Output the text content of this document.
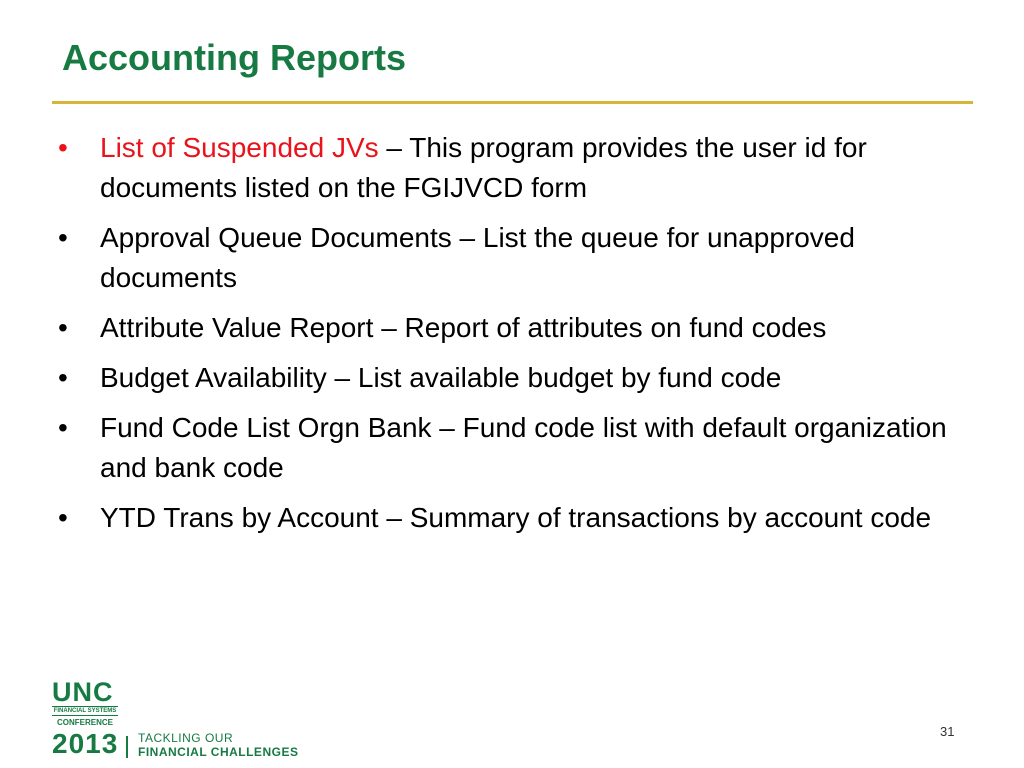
Accounting Reports
• List of Suspended JVs – This program provides the user id for documents listed on the FGIJVCD form
• Approval Queue Documents – List the queue for unapproved documents
• Attribute Value Report – Report of attributes on fund codes
• Budget Availability – List available budget by fund code
• Fund Code List Orgn Bank – Fund code list with default organization and bank code
• YTD Trans by Account – Summary of transactions by account code
UNC
FINANCIAL SYSTEMS
CONFERENCE
2013 TACKLING OUR
FINANCIAL CHALLENGES
31
